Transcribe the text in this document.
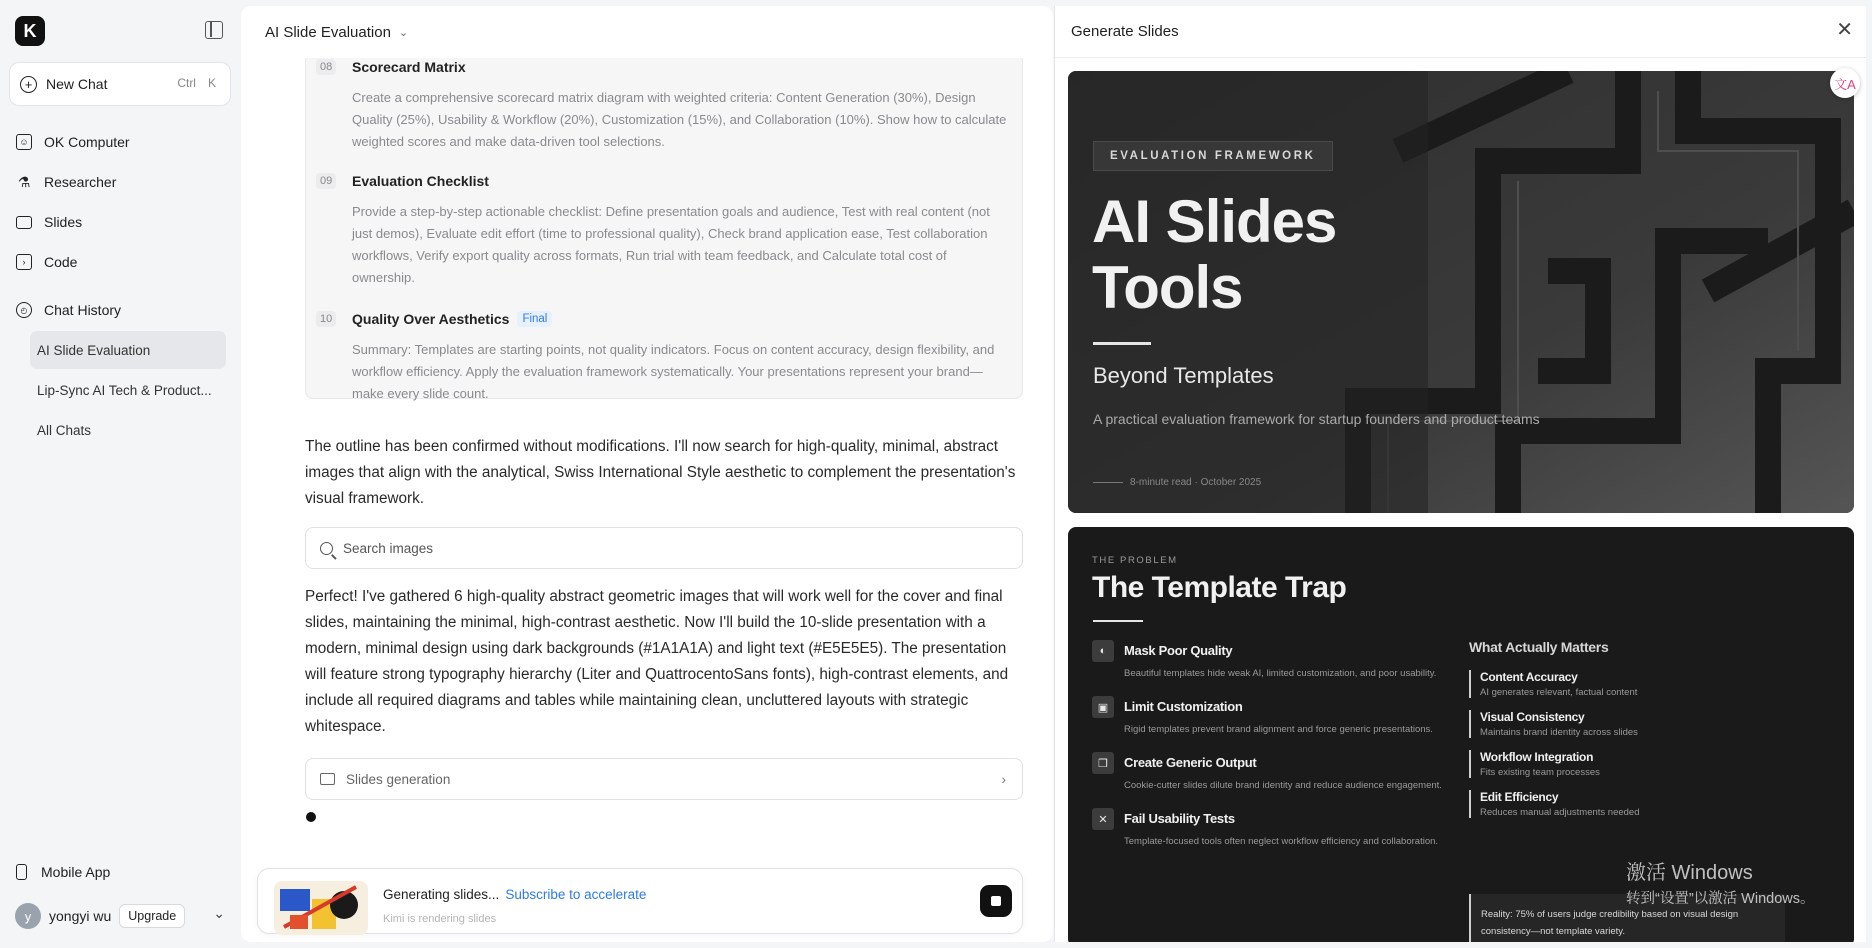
K
+ New Chat	Ctrl	K
☺ OK Computer
⚗ Researcher
Slides
›	Code
◴	Chat History
AI Slide Evaluation
Lip-Sync AI Tech & Product...
All Chats
Mobile App
y	yongyi wu	Upgrade	⌄
AI Slide Evaluation ⌄
08 Scorecard Matrix
Create a comprehensive scorecard matrix diagram with weighted criteria: Content Generation (30%), Design Quality (25%), Usability & Workflow (20%), Customization (15%), and Collaboration (10%). Show how to calculate weighted scores and make data-driven tool selections.
09 Evaluation Checklist
Provide a step-by-step actionable checklist: Define presentation goals and audience, Test with real content (not just demos), Evaluate edit effort (time to professional quality), Check brand application ease, Test collaboration workflows, Verify export quality across formats, Run trial with team feedback, and Calculate total cost of ownership.
10 Quality Over Aesthetics	Final
Summary: Templates are starting points, not quality indicators. Focus on content accuracy, design flexibility, and workflow efficiency. Apply the evaluation framework systematically. Your presentations represent your brand—make every slide count.

The outline has been confirmed without modifications. I'll now search for high-quality, minimal, abstract images that align with the analytical, Swiss International Style aesthetic to complement the presentation's visual framework.

Search images

Perfect! I've gathered 6 high-quality abstract geometric images that will work well for the cover and final slides, maintaining the minimal, high-contrast aesthetic. Now I'll build the 10-slide presentation with a modern, minimal design using dark backgrounds (#1A1A1A) and light text (#E5E5E5). The presentation will feature strong typography hierarchy (Liter and QuattrocentoSans fonts), high-contrast elements, and include all required diagrams and tables while maintaining clean, uncluttered layouts with strategic whitespace.

Slides generation	›
Generating slides... Subscribe to accelerate
Kimi is rendering slides
Generate Slides	✕
文A
EVALUATION FRAMEWORK
AI Slides Tools
Beyond Templates
A practical evaluation framework for startup founders and product teams
8-minute read · October 2025
THE PROBLEM
The Template Trap
◐	Mask Poor Quality
Beautiful templates hide weak AI, limited customization, and poor usability.
▣	Limit Customization
Rigid templates prevent brand alignment and force generic presentations.
❐	Create Generic Output
Cookie-cutter slides dilute brand identity and reduce audience engagement.
✕	Fail Usability Tests
Template-focused tools often neglect workflow efficiency and collaboration.
What Actually Matters
Content Accuracy
AI generates relevant, factual content
Visual Consistency
Maintains brand identity across slides
Workflow Integration
Fits existing team processes
Edit Efficiency
Reduces manual adjustments needed
Reality: 75% of users judge credibility based on visual design consistency—not template variety.
激活 Windows
转到“设置”以激活 Windows。
